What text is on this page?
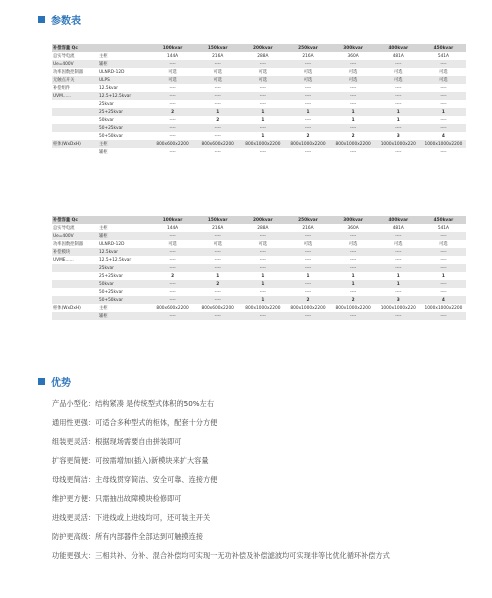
参数表
补偿容量 Qc		100kvar	150kvar	200kvar	250kvar	300kvar	400kvar	450kvar
总实导电流	主柜	144A	216A	288A	216A	360A	481A	541A
Ue=400V	辅柜	----	----	----	----	----	----	----
功率因数控制器	ULNRD-12D	可选	可选	可选	可选	可选	可选	可选
无触点开关	ULPS	可选	可选	可选	可选	可选	可选	可选
补偿组件	12.5kvar	----	----	----	----	----	----	----
UVM......	12.5+12.5kvar	----	----	----	----	----	----	----
	25kvar	----	----	----	----	----	----	----
	25+25kvar	2	1	1	1	1	1	1
	50kvar	----	2	1	----	1	1	----
	50+25kvar	----	----	----	----	----	----	----
	50+50kvar	----	----	1	2	2	3	4
柜体(WxDxH)	主柜	800x600x2200	800x600x2200	800x1000x2200	800x1000x2200	800x1000x2200	1000x1000x220	1000x1000x2200
	辅柜	----	----	----	----	----	----	----
补偿容量 Qc		100kvar	150kvar	200kvar	250kvar	300kvar	400kvar	450kvar
总实导电流	主柜	144A	216A	288A	216A	360A	481A	541A
Ue=400V	辅柜	----	----	----	----	----	----	----
功率因数控制器	ULNRD-12D	可选	可选	可选	可选	可选	可选	可选
补偿模块	12.5kvar	----	----	----	----	----	----	----
UVME......	12.5+12.5kvar	----	----	----	----	----	----	----
	25kvar	----	----	----	----	----	----	----
	25+25kvar	2	1	1	1	1	1	1
	50kvar	----	2	1	----	1	1	----
	50+25kvar	----	----	----	----	----	----	----
	50+50kvar	----	----	1	2	2	3	4
柜体(WxDxH)	主柜	800x600x2200	800x600x2200	800x1000x2200	800x1000x2200	800x1000x2200	1000x1000x220	1000x1000x2200
	辅柜	----	----	----	----	----	----	----
优势
产品小型化：结构紧凑 是传统型式体积的50%左右
通用性更强：可适合多种型式的柜体，配套十分方便
组装更灵活：根据现场需要自由拼装即可
扩容更简便：可按需增加(插入)新模块来扩大容量
母线更简洁：主母线贯穿简洁、安全可靠、连接方便
维护更方便：只需抽出故障模块检修即可
进线更灵活：下进线或上进线均可，还可装主开关
防护更高级：所有内部器件全部达到可触摸连接
功能更强大：三相共补、分补、混合补偿均可实现一无功补偿及补偿滤波均可实现非等比优化循环补偿方式
